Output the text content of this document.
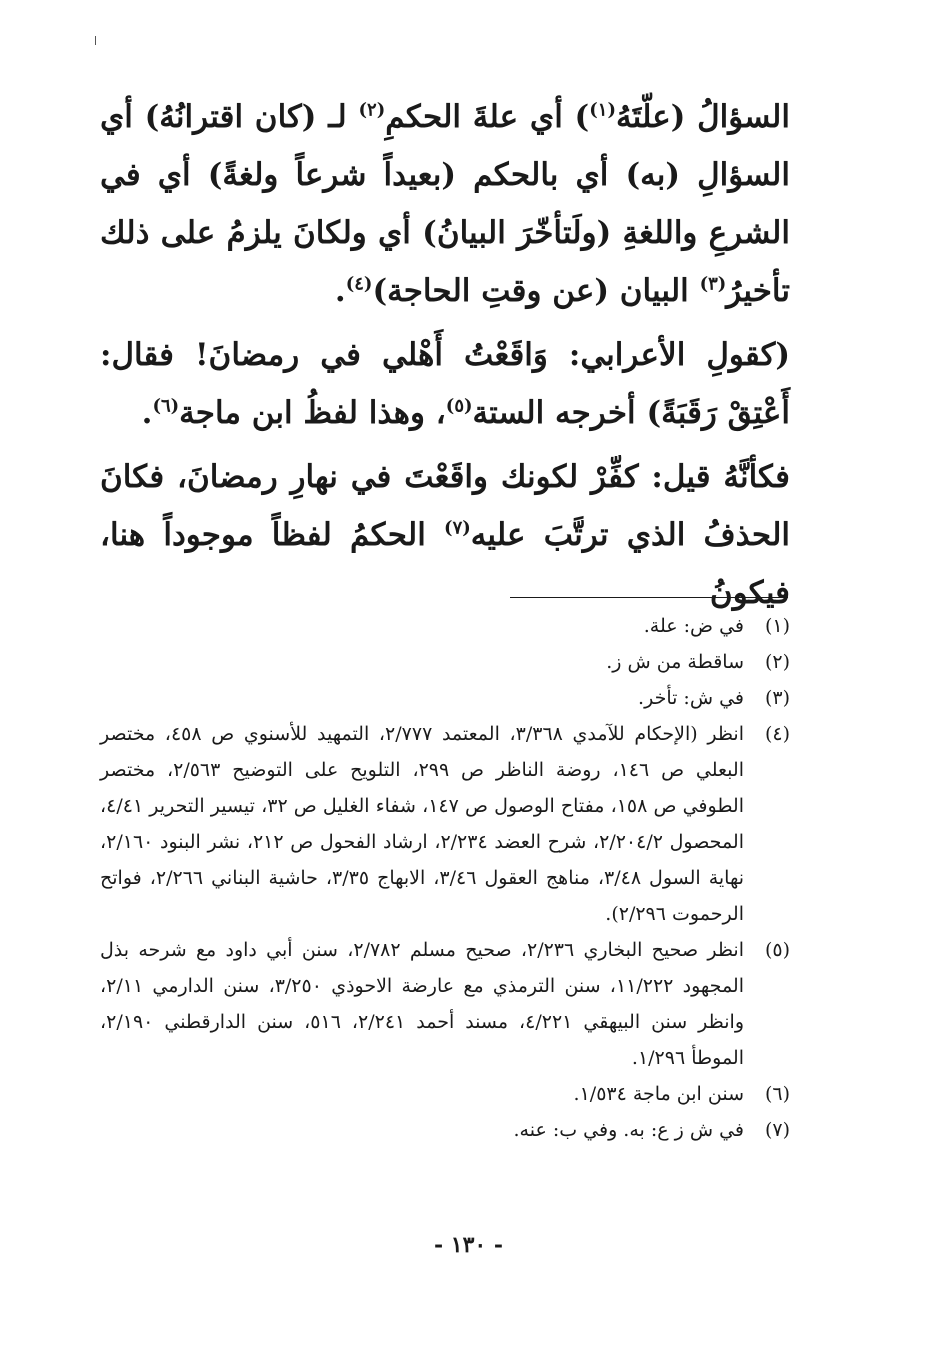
السؤالُ (علّتَهُ$^{(١)}$) أي علةَ الحكمِ$^{(٢)}$ لـ (كان اقترانُهُ) أي السؤالِ (به) أي بالحكم (بعيداً شرعاً ولغةً) أي في الشرعِ واللغةِ (ولَتأخّرَ البيانُ) أي ولكانَ يلزمُ على ذلك تأخيرُ$^{(٣)}$ البيان (عن وقتِ الحاجة)$^{(٤)}$.

(كقولِ الأعرابي: وَاقَعْتُ أَهْلي في رمضانَ! فقال: أَعْتِقْ رَقَبَةً) أخرجه الستة$^{(٥)}$، وهذا لفظُ ابن ماجة$^{(٦)}$.

فكأنَّهُ قيل: كفِّرْ لكونك واقَعْتَ في نهارِ رمضانَ، فكانَ الحذفُ الذي ترتَّبَ عليه$^{(٧)}$ الحكمُ لفظاً موجوداً هنا، فيكونُ

(١)
في ض: علة.
(٢)
ساقطة من ش ز.
(٣)
في ش: تأخر.
(٤)
انظر (الإحكام للآمدي ٣/٣٦٨، المعتمد ٢/٧٧٧، التمهيد للأسنوي ص ٤٥٨، مختصر البعلي ص ١٤٦، روضة الناظر ص ٢٩٩، التلويح على التوضيح ٢/٥٦٣، مختصر الطوفي ص ١٥٨، مفتاح الوصول ص ١٤٧، شفاء الغليل ص ٣٢، تيسير التحرير ٤/٤١، المحصول ٢/٢٠٤/٢، شرح العضد ٢/٢٣٤، ارشاد الفحول ص ٢١٢، نشر البنود ٢/١٦٠، نهاية السول ٣/٤٨، مناهج العقول ٣/٤٦، الابهاج ٣/٣٥، حاشية البناني ٢/٢٦٦، فواتح الرحموت ٢/٢٩٦).
(٥)
انظر صحيح البخاري ٢/٢٣٦، صحيح مسلم ٢/٧٨٢، سنن أبي داود مع شرحه بذل المجهود ١١/٢٢٢، سنن الترمذي مع عارضة الاحوذي ٣/٢٥٠، سنن الدارمي ٢/١١، وانظر سنن البيهقي ٤/٢٢١، مسند أحمد ٢/٢٤١، ٥١٦، سنن الدارقطني ٢/١٩٠، الموطأ ١/٢٩٦.
(٦)
سنن ابن ماجة ١/٥٣٤.
(٧)
في ش ز ع: به. وفي ب: عنه.
- ١٣٠ -
